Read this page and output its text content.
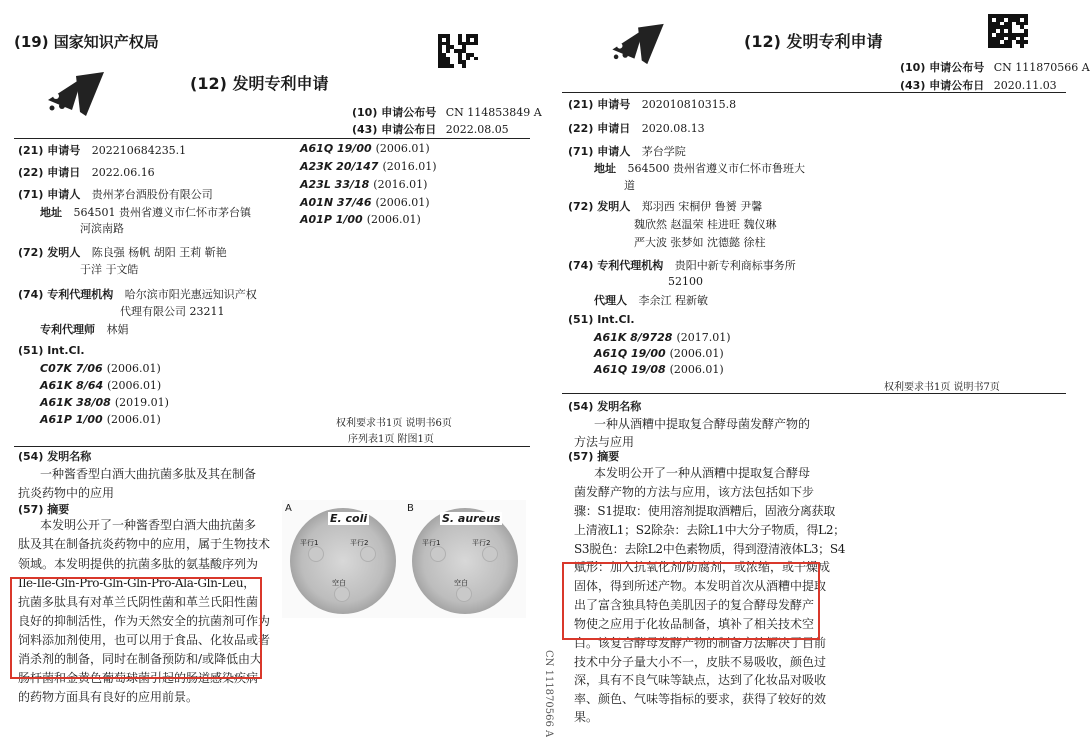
(19) 国家知识产权局
(12) 发明专利申请
(10) 申请公布号 CN 114853849 A
(43) 申请公布日 2022.08.05
(21) 申请号 202210684235.1
(22) 申请日 2022.06.16
(71) 申请人 贵州茅台酒股份有限公司
地址 564501 贵州省遵义市仁怀市茅台镇
河滨南路
(72) 发明人 陈良强 杨帆 胡阳 王莉 靳艳
于洋 于文皓
(74) 专利代理机构 哈尔滨市阳光惠远知识产权
代理有限公司 23211
专利代理师 林娟
(51) Int.Cl.
C07K 7/06 (2006.01)
A61K 8/64 (2006.01)
A61K 38/08 (2019.01)
A61P 1/00 (2006.01)
A61Q 19/00 (2006.01)
A23K 20/147 (2016.01)
A23L 33/18 (2016.01)
A01N 37/46 (2006.01)
A01P 1/00 (2006.01)
权利要求书1页 说明书6页
序列表1页 附图1页
(54) 发明名称
一种酱香型白酒大曲抗菌多肽及其在制备
抗炎药物中的应用
(57) 摘要
本发明公开了一种酱香型白酒大曲抗菌多
肽及其在制备抗炎药物中的应用，属于生物技术
领域。本发明提供的抗菌多肽的氨基酸序列为
Ile-Ile-Gln-Pro-Gln-Gln-Pro-Ala-Gln-Leu，
抗菌多肽具有对革兰氏阴性菌和革兰氏阳性菌
良好的抑制活性，作为天然安全的抗菌剂可作为
饲料添加剂使用，也可以用于食品、化妆品或者
消杀剂的制备，同时在制备预防和/或降低由大
肠杆菌和金黄色葡萄球菌引起的肠道感染疾病
的药物方面具有良好的应用前景。
A
E. coli
平行1	平行2
空白
B
S. aureus
平行1	平行2
空白
(12) 发明专利申请
(10) 申请公布号 CN 111870566 A
(43) 申请公布日 2020.11.03
(21) 申请号 202010810315.8
(22) 申请日 2020.08.13
(71) 申请人 茅台学院
地址 564500 贵州省遵义市仁怀市鲁班大
道
(72) 发明人 郑羽西 宋桐伊 鲁赟 尹馨
魏欣然 赵温荣 桂进旺 魏仪琳
严大波 张梦如 沈德懿 徐柱
(74) 专利代理机构 贵阳中新专利商标事务所
52100
代理人 李余江 程新敏
(51) Int.Cl.
A61K 8/9728 (2017.01)
A61Q 19/00 (2006.01)
A61Q 19/08 (2006.01)
权利要求书1页 说明书7页
(54) 发明名称
一种从酒糟中提取复合酵母菌发酵产物的
方法与应用
(57) 摘要
本发明公开了一种从酒糟中提取复合酵母
菌发酵产物的方法与应用，该方法包括如下步
骤：S1提取：使用溶剂提取酒糟后，固液分离获取
上清液L1；S2除杂：去除L1中大分子物质，得L2；
S3脱色：去除L2中色素物质，得到澄清液体L3；S4
赋形：加入抗氧化剂/防腐剂，或浓缩，或干燥成
固体，得到所述产物。本发明首次从酒糟中提取
出了富含独具特色美肌因子的复合酵母发酵产
物使之应用于化妆品制备，填补了相关技术空
白。该复合酵母发酵产物的制备方法解决了目前
技术中分子量大小不一，皮肤不易吸收，颜色过
深，具有不良气味等缺点，达到了化妆品对吸收
率、颜色、气味等指标的要求，获得了较好的效
果。
CN 111870566 A
